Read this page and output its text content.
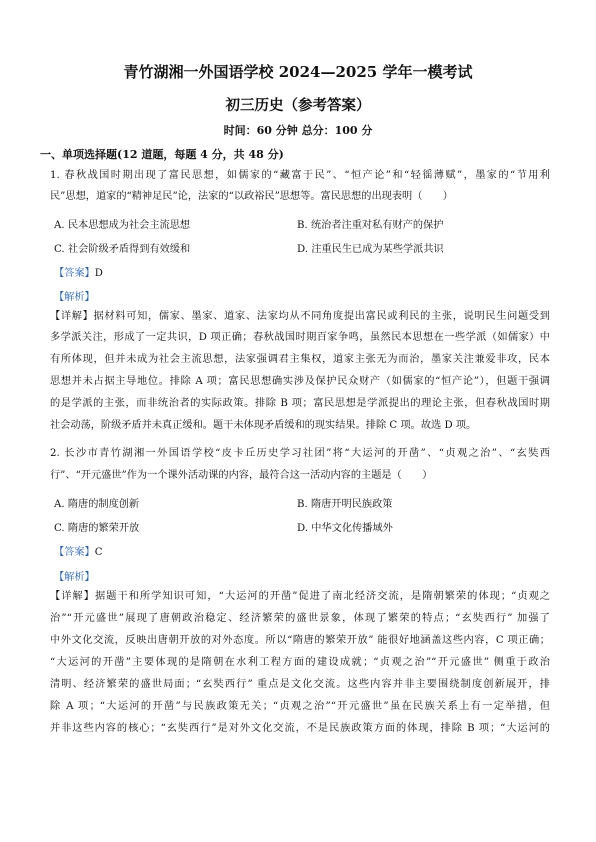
青竹湖湘一外国语学校 2024—2025 学年一模考试
初三历史（参考答案）
时间：60 分钟 总分：100 分
一、单项选择题(12 道题，每题 4 分，共 48 分)
1. 春秋战国时期出现了富民思想，如儒家的“藏富于民”、“恒产论”和“轻徭薄赋”，墨家的“节用利
民”思想，道家的“精神足民”论，法家的“以政裕民”思想等。富民思想的出现表明（　　）
A. 民本思想成为社会主流思想	B. 统治者注重对私有财产的保护
C. 社会阶级矛盾得到有效缓和	D. 注重民生已成为某些学派共识
【答案】D
【解析】
【详解】据材料可知，儒家、墨家、道家、法家均从不同角度提出富民或利民的主张，说明民生问题受到
多学派关注，形成了一定共识，D 项正确；春秋战国时期百家争鸣，虽然民本思想在一些学派（如儒家）中
有所体现，但并未成为社会主流思想，法家强调君主集权，道家主张无为而治，墨家关注兼爱非攻，民本
思想并未占据主导地位。排除 A 项；富民思想确实涉及保护民众财产（如儒家的“恒产论”），但题干强调
的是学派的主张，而非统治者的实际政策。排除 B 项；富民思想是学派提出的理论主张，但春秋战国时期
社会动荡，阶级矛盾并未真正缓和。题干未体现矛盾缓和的现实结果。排除 C 项。故选 D 项。
2. 长沙市青竹湖湘一外国语学校“皮卡丘历史学习社团”将“大运河的开凿”、“贞观之治”、“玄奘西
行”、“开元盛世”作为一个课外活动课的内容，最符合这一活动内容的主题是（　　）
A. 隋唐的制度创新	B. 隋唐开明民族政策
C. 隋唐的繁荣开放	D. 中华文化传播域外
【答案】C
【解析】
【详解】据题干和所学知识可知，“大运河的开凿”促进了南北经济交流，是隋朝繁荣的体现；“贞观之
治”“开元盛世”展现了唐朝政治稳定、经济繁荣的盛世景象，体现了繁荣的特点；“玄奘西行” 加强了
中外文化交流，反映出唐朝开放的对外态度。所以“隋唐的繁荣开放” 能很好地涵盖这些内容，C 项正确；
“大运河的开凿”主要体现的是隋朝在水利工程方面的建设成就；“贞观之治”“开元盛世” 侧重于政治
清明、经济繁荣的盛世局面；“玄奘西行” 重点是文化交流。这些内容并非主要围绕制度创新展开，排
除 A 项；“大运河的开凿”与民族政策无关；“贞观之治”“开元盛世”虽在民族关系上有一定举措，但
并非这些内容的核心；“玄奘西行”是对外文化交流，不是民族政策方面的体现，排除 B 项；“大运河的
